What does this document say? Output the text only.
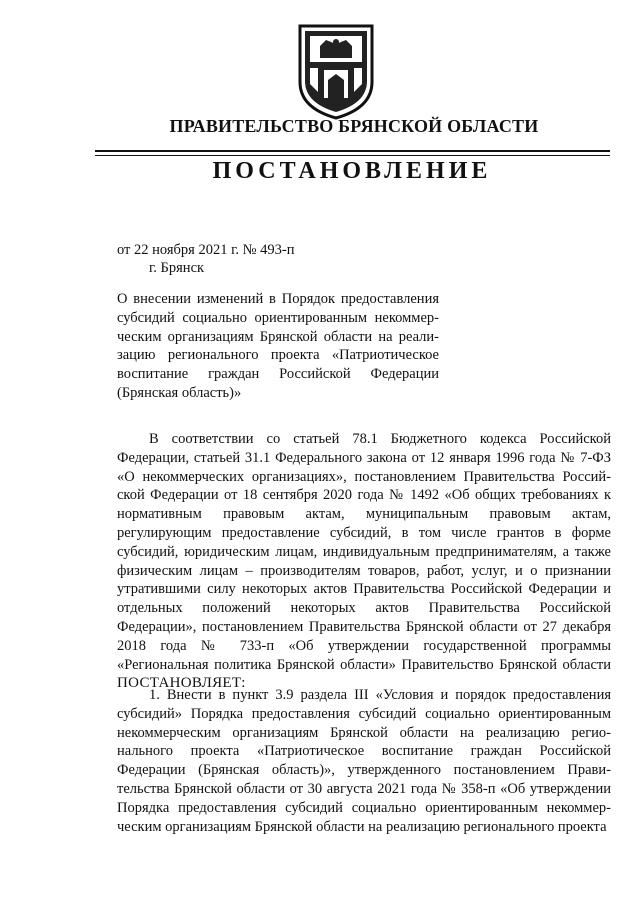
ПРАВИТЕЛЬСТВО БРЯНСКОЙ ОБЛАСТИ
ПОСТАНОВЛЕНИЕ
от 22 ноября 2021 г. № 493-п
г. Брянск
О внесении изменений в Порядок предоставления субсидий социально ориентированным некоммер-ческим организациям Брянской области на реали-зацию регионального проекта «Патриотическое воспитание граждан Российской Федерации (Брянская область)»
В соответствии со статьей 78.1 Бюджетного кодекса Российской Федерации, статьей 31.1 Федерального закона от 12 января 1996 года № 7-ФЗ «О некоммерческих организациях», постановлением Правительства Россий-ской Федерации от 18 сентября 2020 года № 1492 «Об общих требованиях к нормативным правовым актам, муниципальным правовым актам, регулирующим предоставление субсидий, в том числе грантов в форме субсидий, юридическим лицам, индивидуальным предпринимателям, а также физическим лицам – производителям товаров, работ, услуг, и о признании утратившими силу некоторых актов Правительства Российской Федерации и отдельных положений некоторых актов Правительства Российской Федерации», постановлением Правительства Брянской области от 27 декабря 2018 года № 733-п «Об утверждении государственной программы «Региональная политика Брянской области» Правительство Брянской области ПОСТАНОВЛЯЕТ:
1. Внести в пункт 3.9 раздела III «Условия и порядок предоставления субсидий» Порядка предоставления субсидий социально ориентированным некоммерческим организациям Брянской области на реализацию регио-нального проекта «Патриотическое воспитание граждан Российской Федерации (Брянская область)», утвержденного постановлением Прави-тельства Брянской области от 30 августа 2021 года № 358-п «Об утверждении Порядка предоставления субсидий социально ориентированным некоммер-ческим организациям Брянской области на реализацию регионального проекта
